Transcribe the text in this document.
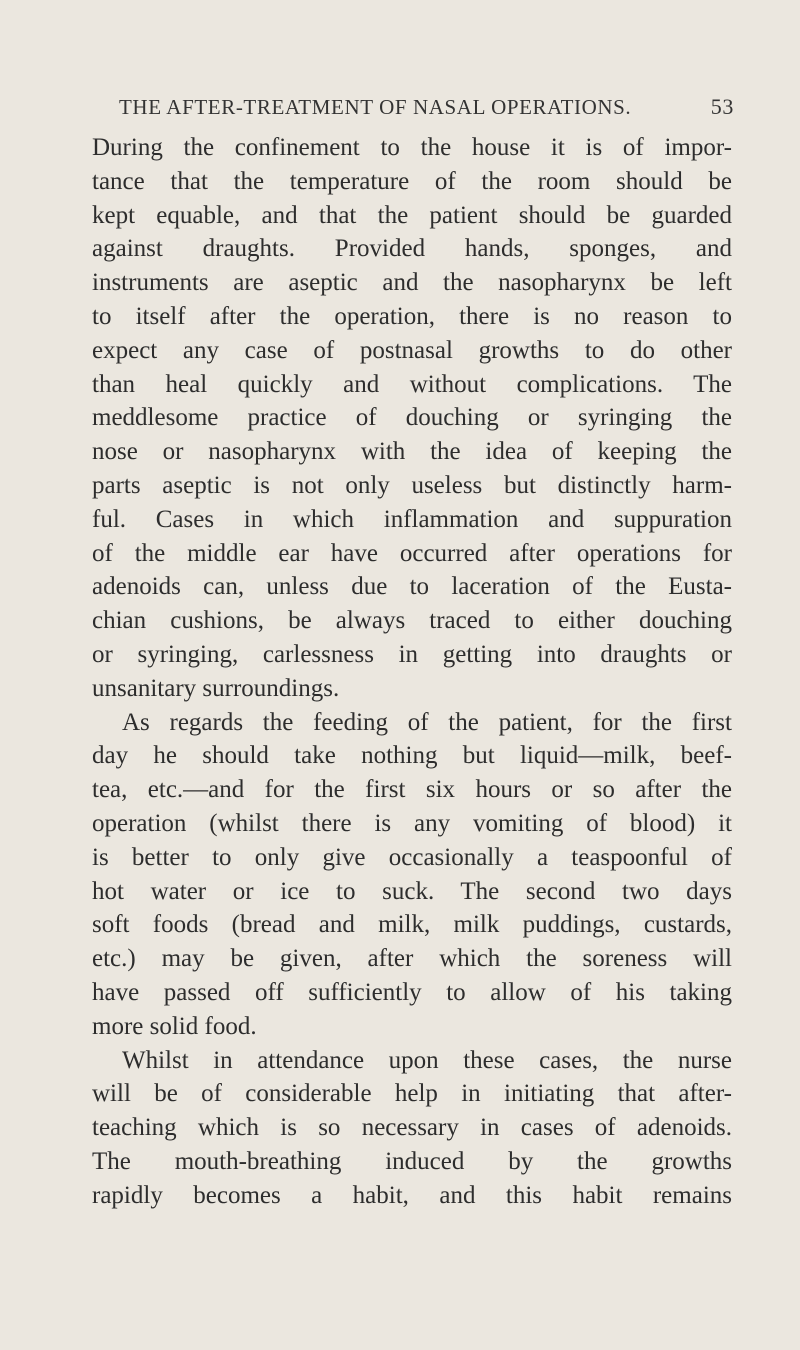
THE AFTER-TREATMENT OF NASAL OPERATIONS.	53
During the confinement to the house it is of impor-
tance that the temperature of the room should be
kept equable, and that the patient should be guarded
against draughts. Provided hands, sponges, and
instruments are aseptic and the nasopharynx be left
to itself after the operation, there is no reason to
expect any case of postnasal growths to do other
than heal quickly and without complications. The
meddlesome practice of douching or syringing the
nose or nasopharynx with the idea of keeping the
parts aseptic is not only useless but distinctly harm-
ful. Cases in which inflammation and suppuration
of the middle ear have occurred after operations for
adenoids can, unless due to laceration of the Eusta-
chian cushions, be always traced to either douching
or syringing, carlessness in getting into draughts or
unsanitary surroundings.
As regards the feeding of the patient, for the first
day he should take nothing but liquid—milk, beef-
tea, etc.—and for the first six hours or so after the
operation (whilst there is any vomiting of blood) it
is better to only give occasionally a teaspoonful of
hot water or ice to suck. The second two days
soft foods (bread and milk, milk puddings, custards,
etc.) may be given, after which the soreness will
have passed off sufficiently to allow of his taking
more solid food.
Whilst in attendance upon these cases, the nurse
will be of considerable help in initiating that after-
teaching which is so necessary in cases of adenoids.
The mouth-breathing induced by the growths
rapidly becomes a habit, and this habit remains
